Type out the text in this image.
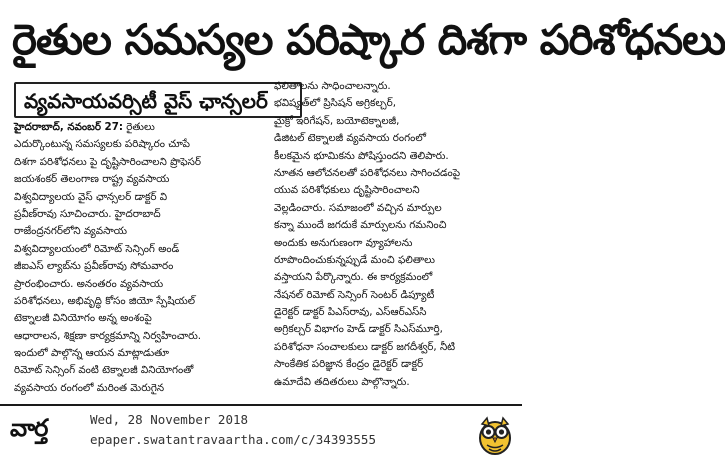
రైతుల సమస్యల పరిష్కార దిశగా పరిశోధనలు
వ్యవసాయవర్సిటీ వైస్ ఛాన్సలర్
హైదరాబాద్, నవంబర్ 27: రైతులు
ఎదుర్కొంటున్న సమస్యలకు పరిష్కారం చూపే
దిశగా పరిశోధనలు పై దృష్టిసారించాలని ప్రొఫెసర్
జయశంకర్ తెలంగాణ రాష్ట్ర వ్యవసాయ
విశ్వవిద్యాలయ వైస్ ఛాన్సలర్ డాక్టర్ వి
ప్రవీణ్‌రావు సూచించారు. హైదరాబాద్
రాజేంద్రనగర్‌లోని వ్యవసాయ
విశ్వవిద్యాలయంలో రిమోట్ సెన్సింగ్ అండ్
జీఐఎస్ ల్యాబ్‌ను ప్రవీణ్‌రావు సోమవారం
ప్రారంభించారు. అనంతరం వ్యవసాయ
పరిశోధనలు, అభివృద్ధి కోసం జియో స్పేషియల్
టెక్నాలజీ వినియోగం అన్న అంశంపై
ఆధారాలన, శిక్షణా కార్యక్రమాన్ని నిర్వహించారు.
ఇందులో పాల్గొన్న ఆయన మాట్లాడుతూ
రిమోట్ సెన్సింగ్ వంటి టెక్నాలజీ వినియోగంతో
వ్యవసాయ రంగంలో మరింత మెరుగైన
ఫలితాలను సాధించాలన్నారు.
భవిష్యత్‌లో ప్రిసిషన్ అగ్రికల్చర్,
మైక్రో ఇరిగేషన్, బయోటెక్నాలజీ,
డిజిటల్ టెక్నాలజీ వ్యవసాయ రంగంలో
కీలకమైన భూమికను పోషిస్తుందని తెలిపారు.
నూతన ఆలోచనలతో పరిశోధనలు సాగించడంపై
యువ పరిశోధకులు దృష్టిసారించాలని
వెల్లడించారు. సమాజంలో వచ్చిన మార్పుల
కన్నా ముందే జగదుకే మార్పులను గమనించి
అందుకు అనుగుణంగా వ్యూహాలను
రూపొందించుకున్నప్పుడే మంచి ఫలితాలు
వస్తాయని పేర్కొన్నారు. ఈ కార్యక్రమంలో
నేషనల్ రిమోట్ సెన్సింగ్ సెంటర్ డిప్యూటీ
డైరెక్టర్ డాక్టర్ పిఎస్‌రావు, ఎస్‌ఆర్‌ఎస్‌సి
అగ్రికల్చర్ విభాగం హెడ్ డాక్టర్ సిఎస్‌మూర్తి,
పరిశోధనా సంచాలకులు డాక్టర్ జగదీశ్వర్, నీటి
సాంకేతిక పరిజ్ఞాన కేంద్రం డైరెక్టర్ డాక్టర్
ఉమాదేవి తదితరులు పాల్గొన్నారు.
వార్త	Wed, 28 November 2018
epaper.swatantravaartha.com/c/34393555
